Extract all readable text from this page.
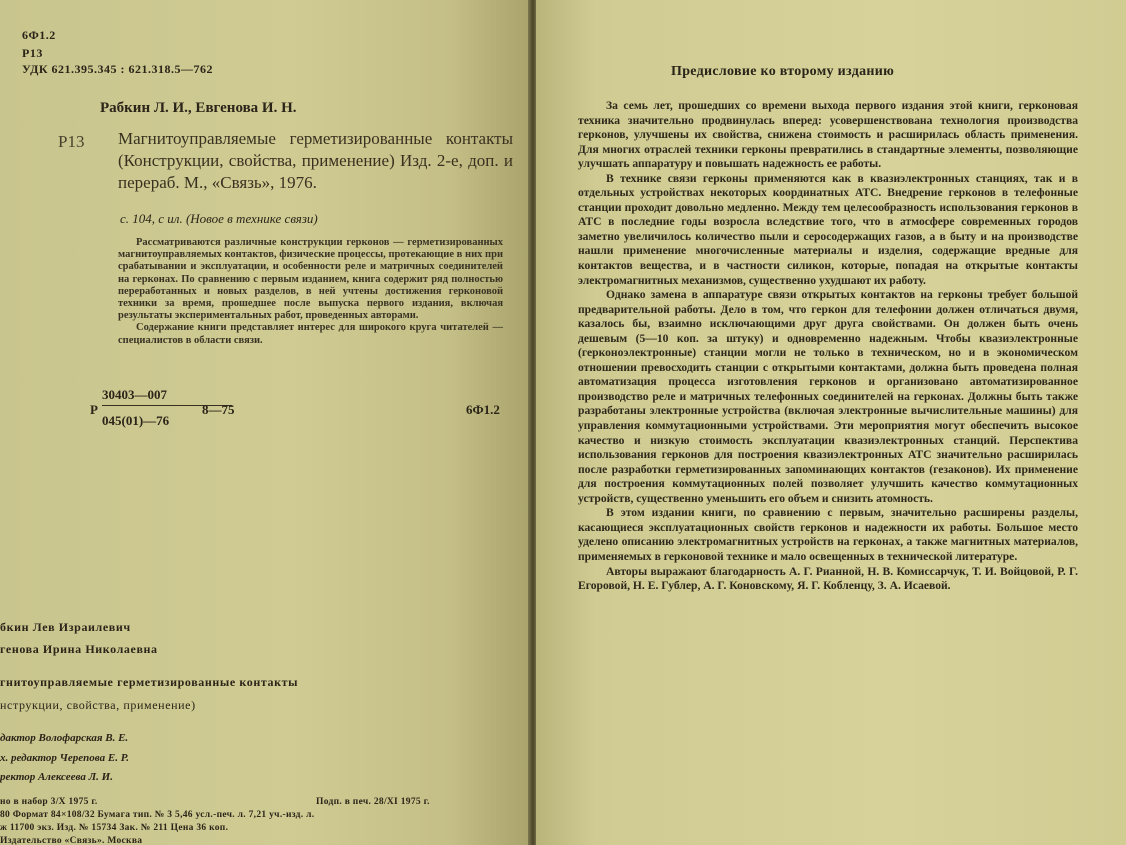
6Ф1.2
Р13
УДК 621.395.345 : 621.318.5—762
Рабкин Л. И., Евгенова И. Н.
Р13 Магнитоуправляемые герметизированные контакты (Конструкции, свойства, применение) Изд. 2-е, доп. и перераб. М., «Связь», 1976.
с. 104, с ил. (Новое в технике связи)

Рассматриваются различные конструкции герконов — герметизированных магнитоуправляемых контактов, физические процессы, протекающие в них при срабатывании и эксплуатации, и особенности реле и матричных соединителей на герконах. По сравнению с первым изданием, книга содержит ряд полностью переработанных и новых разделов, в ней учтены достижения герконовой техники за время, прошедшее после выпуска первого издания, включая результаты экспериментальных работ, проведенных авторами.

Содержание книги представляет интерес для широкого круга читателей — специалистов в области связи.

Р
30403—007
045(01)—76
8—75	6Ф1.2
бкин Лев Израилевич
генова Ирина Николаевна
гнитоуправляемые герметизированные контакты
нструкции, свойства, применение)
дактор Волофарская В. Е.
х. редактор Черепова Е. Р.
ректор Алексеева Л. И.
но в набор 3/X 1975 г.	Подп. в печ. 28/XI 1975 г.
80 Формат 84×108/32 Бумага тип. № 3 5,46 усл.-печ. л. 7,21 уч.-изд. л.
ж 11700 экз. Изд. № 15734 Зак. № 211 Цена 36 коп.
Издательство «Связь». Москва
Предисловие ко второму изданию

За семь лет, прошедших со времени выхода первого издания этой книги, герконовая техника значительно продвинулась вперед: усовершенствована технология производства герконов, улучшены их свойства, снижена стоимость и расширилась область применения. Для многих отраслей техники герконы превратились в стандартные элементы, позволяющие улучшать аппаратуру и повышать надежность ее работы.

В технике связи герконы применяются как в квазиэлектронных станциях, так и в отдельных устройствах некоторых координатных АТС. Внедрение герконов в телефонные станции проходит довольно медленно. Между тем целесообразность использования герконов в АТС в последние годы возросла вследствие того, что в атмосфере современных городов заметно увеличилось количество пыли и серосодержащих газов, а в быту и на производстве нашли применение многочисленные материалы и изделия, содержащие вредные для контактов вещества, и в частности силикон, которые, попадая на открытые контакты электромагнитных механизмов, существенно ухудшают их работу.

Однако замена в аппаратуре связи открытых контактов на герконы требует большой предварительной работы. Дело в том, что геркон для телефонии должен отличаться двумя, казалось бы, взаимно исключающими друг друга свойствами. Он должен быть очень дешевым (5—10 коп. за штуку) и одновременно надежным. Чтобы квазиэлектронные (герконоэлектронные) станции могли не только в техническом, но и в экономическом отношении превосходить станции с открытыми контактами, должна быть проведена полная автоматизация процесса изготовления герконов и организовано автоматизированное производство реле и матричных телефонных соединителей на герконах. Должны быть также разработаны электронные устройства (включая электронные вычислительные машины) для управления коммутационными устройствами. Эти мероприятия могут обеспечить высокое качество и низкую стоимость эксплуатации квазиэлектронных станций. Перспектива использования герконов для построения квазиэлектронных АТС значительно расширилась после разработки герметизированных запоминающих контактов (гезаконов). Их применение для построения коммутационных полей позволяет улучшить качество коммутационных устройств, существенно уменьшить его объем и снизить атомность.

В этом издании книги, по сравнению с первым, значительно расширены разделы, касающиеся эксплуатационных свойств герконов и надежности их работы. Большое место уделено описанию электромагнитных устройств на герконах, а также магнитных материалов, применяемых в герконовой технике и мало освещенных в технической литературе.

Авторы выражают благодарность А. Г. Рианной, Н. В. Комиссарчук, Т. И. Войцовой, Р. Г. Егоровой, Н. Е. Гублер, А. Г. Коновскому, Я. Г. Кобленцу, З. А. Исаевой.
